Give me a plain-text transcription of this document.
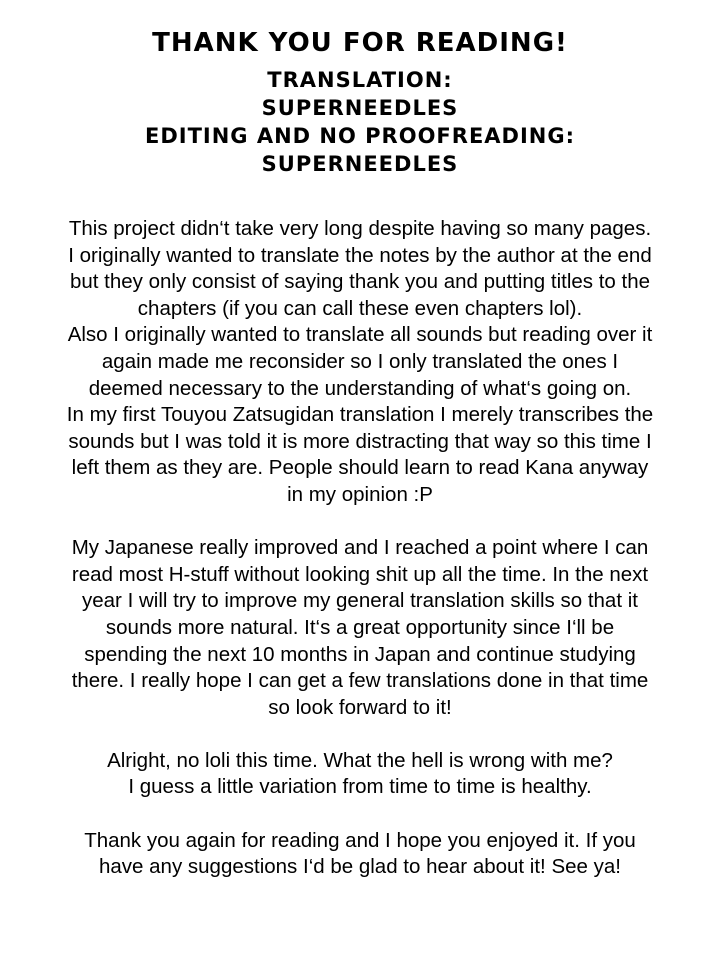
THANK YOU FOR READING!
TRANSLATION:
SUPERNEEDLES
EDITING AND NO PROOFREADING:
SUPERNEEDLES

This project didn‘t take very long despite having so many pages.
I originally wanted to translate the notes by the author at the end
but they only consist of saying thank you and putting titles to the
chapters (if you can call these even chapters lol).
Also I originally wanted to translate all sounds but reading over it
again made me reconsider so I only translated the ones I
deemed necessary to the understanding of what‘s going on.
In my first Touyou Zatsugidan translation I merely transcribes the
sounds but I was told it is more distracting that way so this time I
left them as they are. People should learn to read Kana anyway
in my opinion :P

My Japanese really improved and I reached a point where I can
read most H-stuff without looking shit up all the time. In the next
year I will try to improve my general translation skills so that it
sounds more natural. It‘s a great opportunity since I‘ll be
spending the next 10 months in Japan and continue studying
there. I really hope I can get a few translations done in that time
so look forward to it!

Alright, no loli this time. What the hell is wrong with me?
I guess a little variation from time to time is healthy.

Thank you again for reading and I hope you enjoyed it. If you
have any suggestions I‘d be glad to hear about it! See ya!
